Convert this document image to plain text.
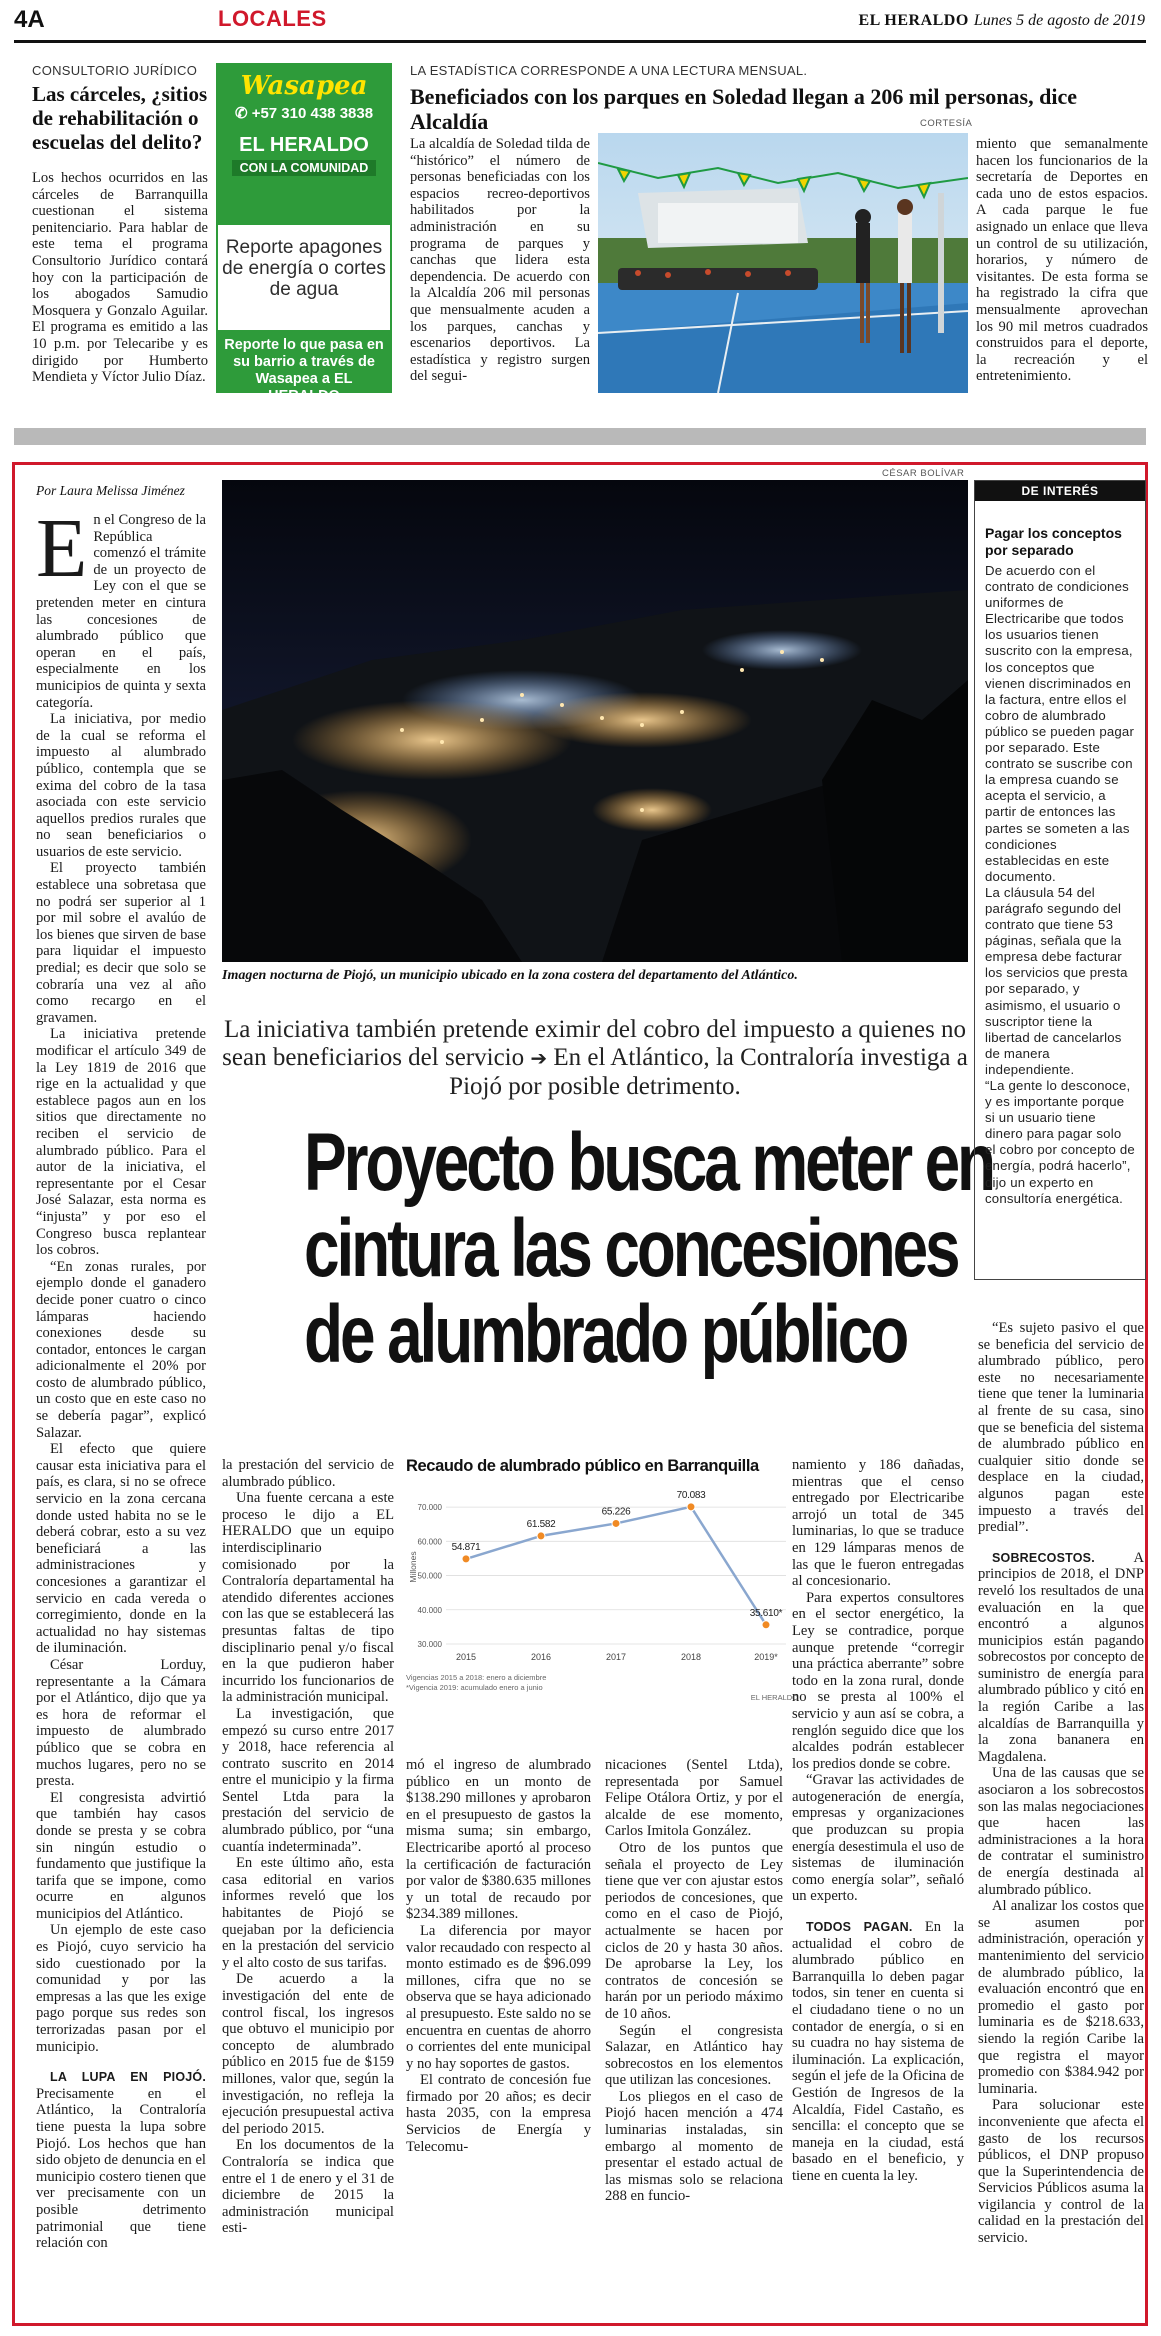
4A	LOCALES	EL HERALDO Lunes 5 de agosto de 2019
CONSULTORIO JURÍDICO
Las cárceles, ¿sitios de rehabilitación o escuelas del delito?

Los hechos ocurridos en las cárceles de Barranquilla cuestionan el sistema penitenciario. Para hablar de este tema el programa Consultorio Jurídico contará hoy con la participación de los abogados Samudio Mosquera y Gonzalo Aguilar. El programa es emitido a las 10 p.m. por Telecaribe y es dirigido por Humberto Mendieta y Víctor Julio Díaz.

Wasapea
✆ +57 310 438 3838
EL HERALDO
CON LA COMUNIDAD
Reporte apagones de energía o cortes de agua
Reporte lo que pasa en su barrio a través de Wasapea a EL HERALDO
LA ESTADÍSTICA CORRESPONDE A UNA LECTURA MENSUAL.
Beneficiados con los parques en Soledad llegan a 206 mil personas, dice Alcaldía

La alcaldía de Soledad tilda de “histórico” el número de personas beneficiadas con los espacios recreo-deportivos habilitados por la administración en su programa de parques y canchas que lidera esta dependencia. De acuerdo con la Alcaldía 206 mil personas que mensualmente acuden a los parques, canchas y escenarios deportivos. La estadística y registro surgen del segui-

CORTESÍA

miento que semanalmente hacen los funcionarios de la secretaría de Deportes en cada uno de estos espacios. A cada parque le fue asignado un enlace que lleva un control de su utilización, horarios, y número de visitantes. De esta forma se ha registrado la cifra que mensualmente aprovechan los 90 mil metros cuadrados construidos para el deporte, la recreación y el entretenimiento.

CÉSAR BOLÍVAR
Imagen nocturna de Piojó, un municipio ubicado en la zona costera del departamento del Atlántico.
La iniciativa también pretende eximir del cobro del impuesto a quienes no sean beneficiarios del servicio ➔ En el Atlántico, la Contraloría investiga a Piojó por posible detrimento.
Proyecto busca meter en
cintura las concesiones
de alumbrado público
Por Laura Melissa Jiménez

En el Congreso de la República comenzó el trámite de un proyecto de Ley con el que se pretenden meter en cintura las concesiones de alumbrado público que operan en el país, especialmente en los municipios de quinta y sexta categoría.

La iniciativa, por medio de la cual se reforma el impuesto al alumbrado público, contempla que se exima del cobro de la tasa asociada con este servicio aquellos predios rurales que no sean beneficiarios o usuarios de este servicio.

El proyecto también establece una sobretasa que no podrá ser superior al 1 por mil sobre el avalúo de los bienes que sirven de base para liquidar el impuesto predial; es decir que solo se cobraría una vez al año como recargo en el gravamen.

La iniciativa pretende modificar el artículo 349 de la Ley 1819 de 2016 que rige en la actualidad y que establece pagos aun en los sitios que directamente no reciben el servicio de alumbrado público. Para el autor de la iniciativa, el representante por el Cesar José Salazar, esta norma es “injusta” y por eso el Congreso busca replantear los cobros.

“En zonas rurales, por ejemplo donde el ganadero decide poner cuatro o cinco lámparas haciendo conexiones desde su contador, entonces le cargan adicionalmente el 20% por costo de alumbrado público, un costo que en este caso no se debería pagar”, explicó Salazar.

El efecto que quiere causar esta iniciativa para el país, es clara, si no se ofrece servicio en la zona cercana donde usted habita no se le deberá cobrar, esto a su vez beneficiará a las administraciones y concesiones a garantizar el servicio en cada vereda o corregimiento, donde en la actualidad no hay sistemas de iluminación.

César Lorduy, representante a la Cámara por el Atlántico, dijo que ya es hora de reformar el impuesto de alumbrado público que se cobra en muchos lugares, pero no se presta.

El congresista advirtió que también hay casos donde se presta y se cobra sin ningún estudio o fundamento que justifique la tarifa que se impone, como ocurre en algunos municipios del Atlántico.

Un ejemplo de este caso es Piojó, cuyo servicio ha sido cuestionado por la comunidad y por las empresas a las que les exige pago porque sus redes son terrorizadas pasan por el municipio.

LA LUPA EN PIOJÓ. Precisamente en el Atlántico, la Contraloría tiene puesta la lupa sobre Piojó. Los hechos que han sido objeto de denuncia en el municipio costero tienen que ver precisamente con un posible detrimento patrimonial que tiene relación con

la prestación del servicio de alumbrado público.

Una fuente cercana a este proceso le dijo a EL HERALDO que un equipo interdisciplinario comisionado por la Contraloría departamental ha atendido diferentes acciones con las que se establecerá las presuntas faltas de tipo disciplinario penal y/o fiscal en la que pudieron haber incurrido los funcionarios de la administración municipal.

La investigación, que empezó su curso entre 2017 y 2018, hace referencia al contrato suscrito en 2014 entre el municipio y la firma Sentel Ltda para la prestación del servicio de alumbrado público, por “una cuantía indeterminada”.

En este último año, esta casa editorial en varios informes reveló que los habitantes de Piojó se quejaban por la deficiencia en la prestación del servicio y el alto costo de sus tarifas.

De acuerdo a la investigación del ente de control fiscal, los ingresos que obtuvo el municipio por concepto de alumbrado público en 2015 fue de $159 millones, valor que, según la investigación, no refleja la ejecución presupuestal activa del periodo 2015.

En los documentos de la Contraloría se indica que entre el 1 de enero y el 31 de diciembre de 2015 la administración municipal esti-

Recaudo de alumbrado público en Barranquilla
70.000
60.000
50.000
40.000
30.000
Millones
54.871
2015
61.582
2016
65.226
2017
70.083
2018
35.610*
2019*
Vigencias 2015 a 2018: enero a diciembre
*Vigencia 2019: acumulado enero a junio
EL HERALDO

mó el ingreso de alumbrado público en un monto de $138.290 millones y aprobaron en el presupuesto de gastos la misma suma; sin embargo, Electricaribe aportó al proceso la certificación de facturación por valor de $380.635 millones y un total de recaudo por $234.389 millones.

La diferencia por mayor valor recaudado con respecto al monto estimado es de $96.099 millones, cifra que no se observa que se haya adicionado al presupuesto. Este saldo no se encuentra en cuentas de ahorro o corrientes del ente municipal y no hay soportes de gastos.

El contrato de concesión fue firmado por 20 años; es decir hasta 2035, con la empresa Servicios de Energía y Telecomu-

nicaciones (Sentel Ltda), representada por Samuel Felipe Otálora Ortiz, y por el alcalde de ese momento, Carlos Imitola González.

Otro de los puntos que señala el proyecto de Ley tiene que ver con ajustar estos periodos de concesiones, que como en el caso de Piojó, actualmente se hacen por ciclos de 20 y hasta 30 años. De aprobarse la Ley, los contratos de concesión se harán por un periodo máximo de 10 años.

Según el congresista Salazar, en Atlántico hay sobrecostos en los elementos que utilizan las concesiones.

Los pliegos en el caso de Piojó hacen mención a 474 luminarias instaladas, sin embargo al momento de presentar el estado actual de las mismas solo se relaciona 288 en funcio-

namiento y 186 dañadas, mientras que el censo entregado por Electricaribe arrojó un total de 345 luminarias, lo que se traduce en 129 lámparas menos de las que le fueron entregadas al concesionario.

Para expertos consultores en el sector energético, la Ley se contradice, porque aunque pretende “corregir una práctica aberrante” sobre todo en la zona rural, donde no se presta al 100% el servicio y aun así se cobra, a renglón seguido dice que los alcaldes podrán establecer los predios donde se cobre.

“Gravar las actividades de autogeneración de energía, empresas y organizaciones que produzcan su propia energía desestimula el uso de sistemas de iluminación como energía solar”, señaló un experto.

TODOS PAGAN. En la actualidad el cobro de alumbrado público en Barranquilla lo deben pagar todos, sin tener en cuenta si el ciudadano tiene o no un contador de energía, o si en su cuadra no hay sistema de iluminación. La explicación, según el jefe de la Oficina de Gestión de Ingresos de la Alcaldía, Fidel Castaño, es sencilla: el concepto que se maneja en la ciudad, está basado en el beneficio, y tiene en cuenta la ley.

“Es sujeto pasivo el que se beneficia del servicio de alumbrado público, pero este no necesariamente tiene que tener la luminaria al frente de su casa, sino que se beneficia del sistema de alumbrado público en cualquier sitio donde se desplace en la ciudad, algunos pagan este impuesto a través del predial”.

SOBRECOSTOS.	A principios de 2018, el DNP reveló los resultados de una evaluación en la que encontró a algunos municipios están pagando sobrecostos por concepto de suministro de energía para alumbrado público y citó en la región Caribe a las alcaldías de Barranquilla y la zona bananera en Magdalena.

Una de las causas que se asociaron a los sobrecostos son las malas negociaciones que hacen las administraciones a la hora de contratar el suministro de energía destinada al alumbrado público.

Al analizar los costos que se asumen por administración, operación y mantenimiento del servicio de alumbrado público, la evaluación encontró que en promedio el gasto por luminaria es de $218.633, siendo la región Caribe la que registra el mayor promedio con $384.942 por luminaria.

Para solucionar este inconveniente que afecta el gasto de los recursos públicos, el DNP propuso que la Superintendencia de Servicios Públicos asuma la vigilancia y control de la calidad en la prestación del servicio.

DE INTERÉS
Pagar los conceptos por separado

De acuerdo con el contrato de condiciones uniformes de Electricaribe que todos los usuarios tienen suscrito con la empresa, los conceptos que vienen discriminados en la factura, entre ellos el cobro de alumbrado público se pueden pagar por separado. Este contrato se suscribe con la empresa cuando se acepta el servicio, a partir de entonces las partes se someten a las condiciones establecidas en este documento.

La cláusula 54 del parágrafo segundo del contrato que tiene 53 páginas, señala que la empresa debe facturar los servicios que presta por separado, y asimismo, el usuario o suscriptor tiene la libertad de cancelarlos de manera independiente.

“La gente lo desconoce, y es importante porque si un usuario tiene dinero para pagar solo el cobro por concepto de energía, podrá hacerlo”, dijo un experto en consultoría energética.
